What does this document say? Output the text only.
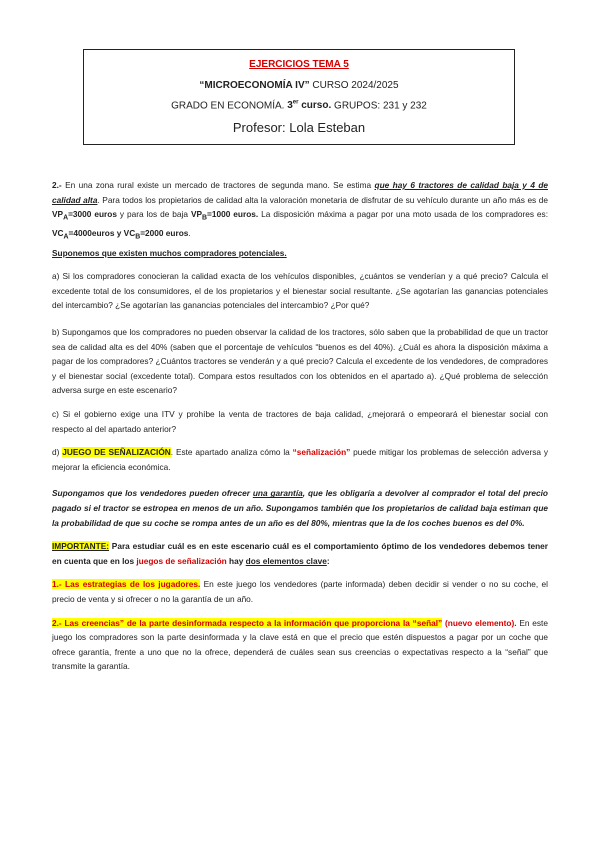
EJERCICIOS TEMA 5
“MICROECONOMÍA IV” CURSO 2024/2025
GRADO EN ECONOMÍA. 3er curso. GRUPOS: 231 y 232
Profesor: Lola Esteban

2.- En una zona rural existe un mercado de tractores de segunda mano. Se estima que hay 6 tractores de calidad baja y 4 de calidad alta. Para todos los propietarios de calidad alta la valoración monetaria de disfrutar de su vehículo durante un año más es de $VP_A=3000$ euros y para los de baja $VP_B=1000$ euros. La disposición máxima a pagar por una moto usada de los compradores es: $VC_A=4000euros$ y $VC_B=2000$ euros.

Suponemos que existen muchos compradores potenciales.

a) Si los compradores conocieran la calidad exacta de los vehículos disponibles, ¿cuántos se venderían y a qué precio? Calcula el excedente total de los consumidores, el de los propietarios y el bienestar social resultante. ¿Se agotarían las ganancias potenciales del intercambio? ¿Se agotarían las ganancias potenciales del intercambio? ¿Por qué?

b) Supongamos que los compradores no pueden observar la calidad de los tractores, sólo saben que la probabilidad de que un tractor sea de calidad alta es del 40% (saben que el porcentaje de vehículos “buenos es del 40%). ¿Cuál es ahora la disposición máxima a pagar de los compradores? ¿Cuántos tractores se venderán y a qué precio? Calcula el excedente de los vendedores, de compradores y el bienestar social (excedente total). Compara estos resultados con los obtenidos en el apartado a). ¿Qué problema de selección adversa surge en este escenario?

c) Si el gobierno exige una ITV y prohíbe la venta de tractores de baja calidad, ¿mejorará o empeorará el bienestar social con respecto al del apartado anterior?

d) JUEGO DE SEÑALIZACIÓN. Este apartado analiza cómo la “señalización” puede mitigar los problemas de selección adversa y mejorar la eficiencia económica.

Supongamos que los vendedores pueden ofrecer una garantía, que les obligaría a devolver al comprador el total del precio pagado si el tractor se estropea en menos de un año. Supongamos también que los propietarios de calidad baja estiman que la probabilidad de que su coche se rompa antes de un año es del 80%, mientras que la de los coches buenos es del 0%.

IMPORTANTE: Para estudiar cuál es en este escenario cuál es el comportamiento óptimo de los vendedores debemos tener en cuenta que en los juegos de señalización hay dos elementos clave:

1.- Las estrategias de los jugadores. En este juego los vendedores (parte informada) deben decidir si vender o no su coche, el precio de venta y si ofrecer o no la garantía de un año.

2.- Las creencias” de la parte desinformada respecto a la información que proporciona la “señal” (nuevo elemento). En este juego los compradores son la parte desinformada y la clave está en que el precio que estén dispuestos a pagar por un coche que ofrece garantía, frente a uno que no la ofrece, dependerá de cuáles sean sus creencias o expectativas respecto a la “señal” que transmite la garantía.
